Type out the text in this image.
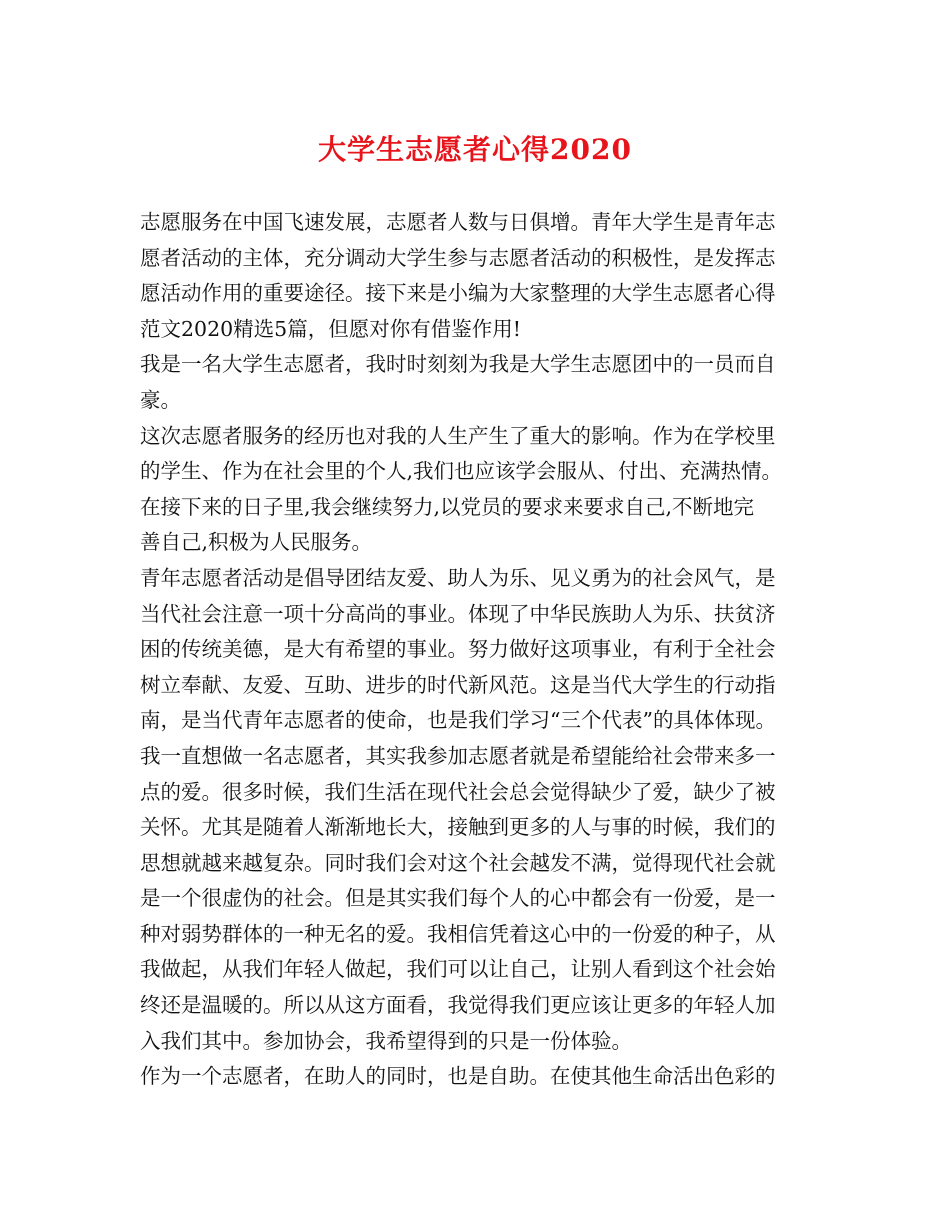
大学生志愿者心得2020
志愿服务在中国飞速发展，志愿者人数与日俱增。青年大学生是青年志
愿者活动的主体，充分调动大学生参与志愿者活动的积极性，是发挥志
愿活动作用的重要途径。接下来是小编为大家整理的大学生志愿者心得
范文2020精选5篇，但愿对你有借鉴作用!
我是一名大学生志愿者，我时时刻刻为我是大学生志愿团中的一员而自
豪。
这次志愿者服务的经历也对我的人生产生了重大的影响。作为在学校里
的学生、作为在社会里的个人,我们也应该学会服从、付出、充满热情。
在接下来的日子里,我会继续努力,以党员的要求来要求自己,不断地完
善自己,积极为人民服务。
青年志愿者活动是倡导团结友爱、助人为乐、见义勇为的社会风气，是
当代社会注意一项十分高尚的事业。体现了中华民族助人为乐、扶贫济
困的传统美德，是大有希望的事业。努力做好这项事业，有利于全社会
树立奉献、友爱、互助、进步的时代新风范。这是当代大学生的行动指
南，是当代青年志愿者的使命，也是我们学习“三个代表”的具体体现。
我一直想做一名志愿者，其实我参加志愿者就是希望能给社会带来多一
点的爱。很多时候，我们生活在现代社会总会觉得缺少了爱，缺少了被
关怀。尤其是随着人渐渐地长大，接触到更多的人与事的时候，我们的
思想就越来越复杂。同时我们会对这个社会越发不满，觉得现代社会就
是一个很虚伪的社会。但是其实我们每个人的心中都会有一份爱，是一
种对弱势群体的一种无名的爱。我相信凭着这心中的一份爱的种子，从
我做起，从我们年轻人做起，我们可以让自己，让别人看到这个社会始
终还是温暖的。所以从这方面看，我觉得我们更应该让更多的年轻人加
入我们其中。参加协会，我希望得到的只是一份体验。
作为一个志愿者，在助人的同时，也是自助。在使其他生命活出色彩的
